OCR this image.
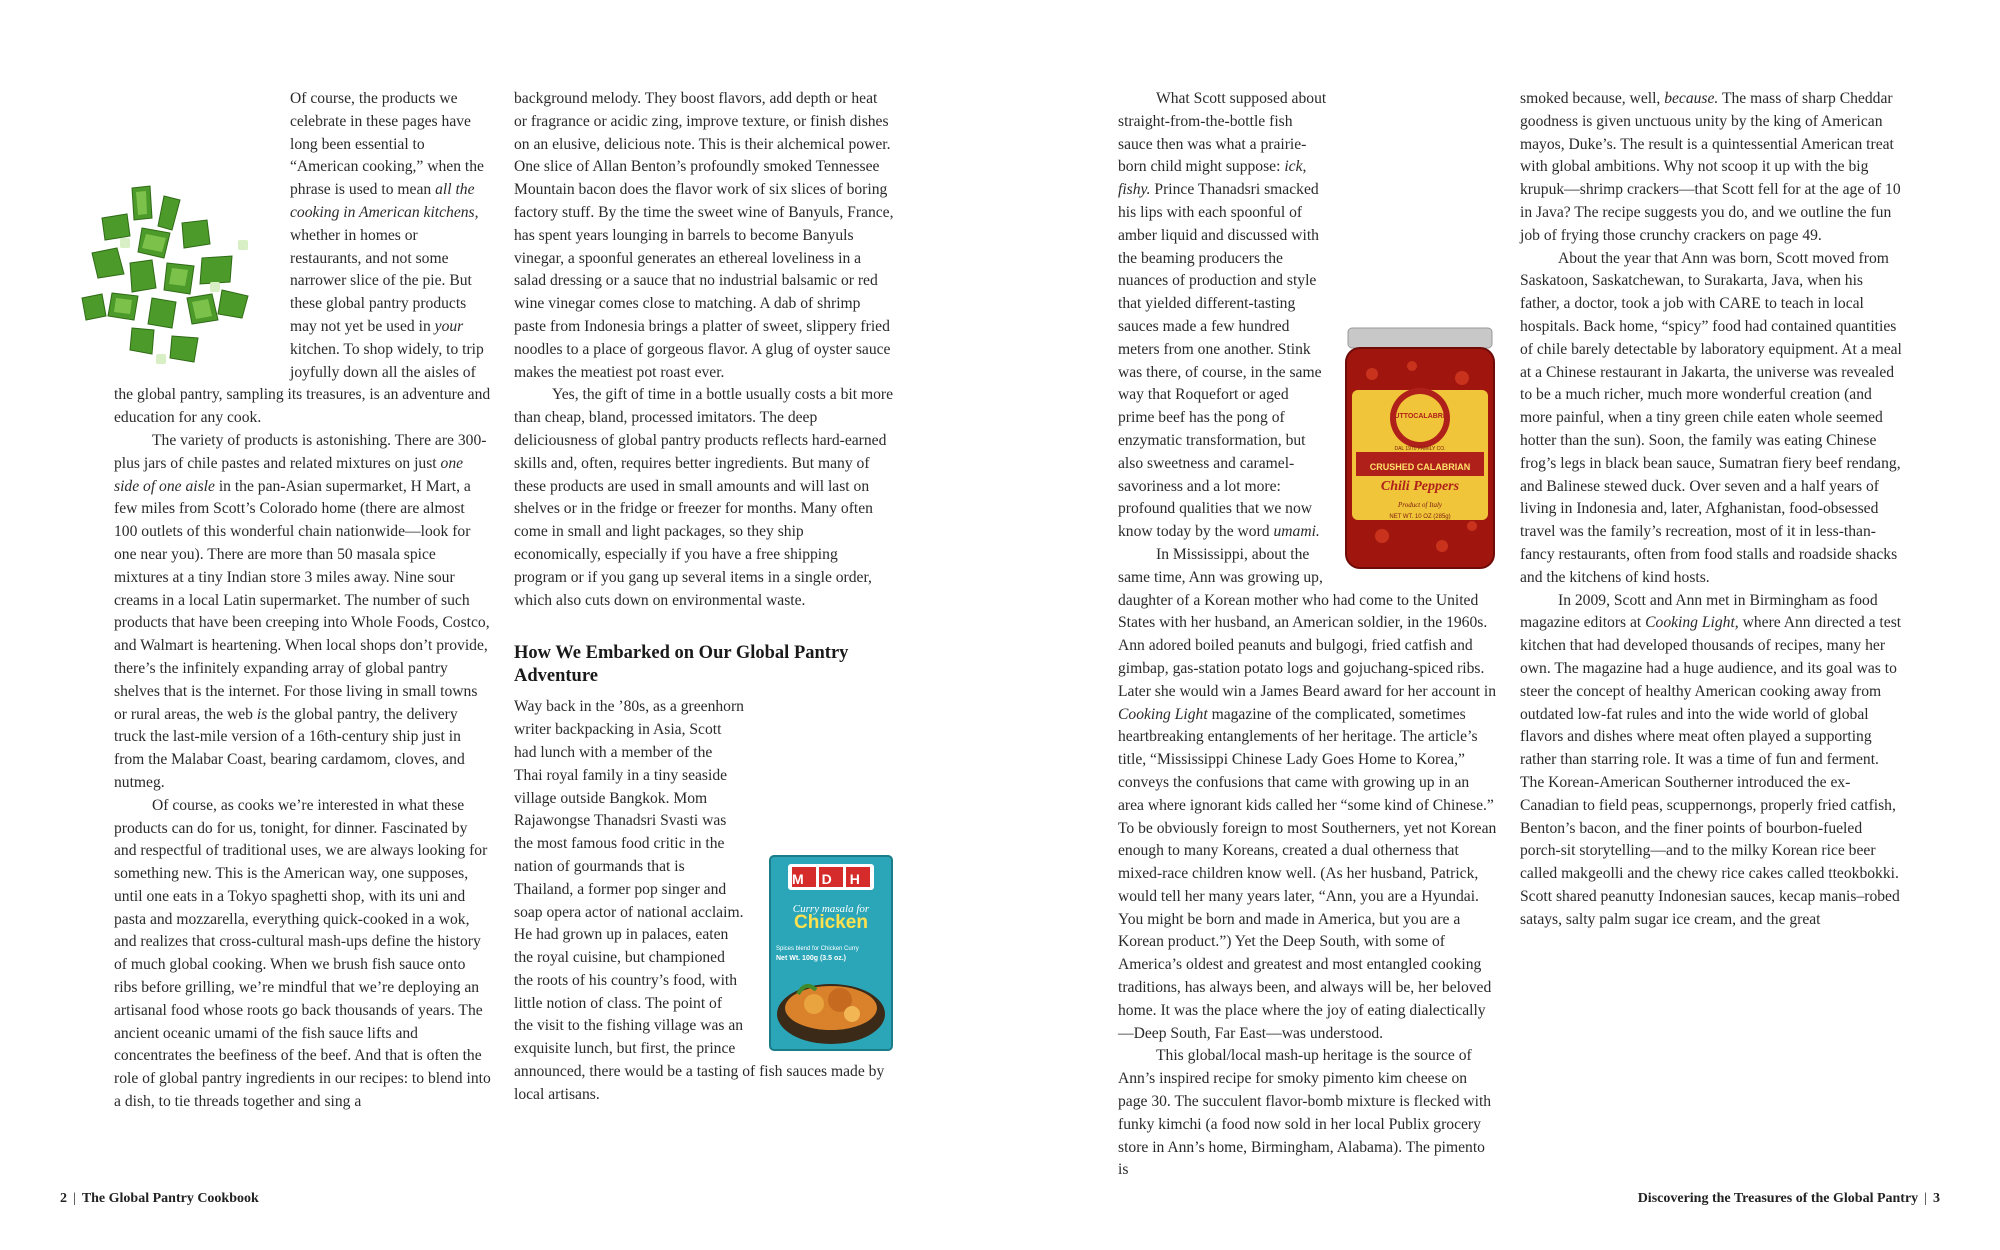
Of course, the products we celebrate in these pages have long been essential to “American cooking,” when the phrase is used to mean all the cooking in American kitchens, whether in homes or restaurants, and not some narrower slice of the pie. But these global pantry products may not yet be used in your kitchen. To shop widely, to trip joyfully down all the aisles of the global pantry, sampling its treasures, is an adventure and education for any cook.

The variety of products is astonishing. There are 300-plus jars of chile pastes and related mixtures on just one side of one aisle in the pan-Asian supermarket, H Mart, a few miles from Scott’s Colorado home (there are almost 100 outlets of this wonderful chain nationwide—look for one near you). There are more than 50 masala spice mixtures at a tiny Indian store 3 miles away. Nine sour creams in a local Latin supermarket. The number of such products that have been creeping into Whole Foods, Costco, and Walmart is heartening. When local shops don’t provide, there’s the infinitely expanding array of global pantry shelves that is the internet. For those living in small towns or rural areas, the web is the global pantry, the delivery truck the last-mile version of a 16th-century ship just in from the Malabar Coast, bearing cardamom, cloves, and nutmeg.

Of course, as cooks we’re interested in what these products can do for us, tonight, for dinner. Fascinated by and respectful of traditional uses, we are always looking for something new. This is the American way, one supposes, until one eats in a Tokyo spaghetti shop, with its uni and pasta and mozzarella, everything quick-cooked in a wok, and realizes that cross-cultural mash-ups define the history of much global cooking. When we brush fish sauce onto ribs before grilling, we’re mindful that we’re deploying an artisanal food whose roots go back thousands of years. The ancient oceanic umami of the fish sauce lifts and concentrates the beefiness of the beef. And that is often the role of global pantry ingredients in our recipes: to blend into a dish, to tie threads together and sing a

background melody. They boost flavors, add depth or heat or fragrance or acidic zing, improve texture, or finish dishes on an elusive, delicious note. This is their alchemical power. One slice of Allan Benton’s profoundly smoked Tennessee Mountain bacon does the flavor work of six slices of boring factory stuff. By the time the sweet wine of Banyuls, France, has spent years lounging in barrels to become Banyuls vinegar, a spoonful generates an ethereal loveliness in a salad dressing or a sauce that no industrial balsamic or red wine vinegar comes close to matching. A dab of shrimp paste from Indonesia brings a platter of sweet, slippery fried noodles to a place of gorgeous flavor. A glug of oyster sauce makes the meatiest pot roast ever.

Yes, the gift of time in a bottle usually costs a bit more than cheap, bland, processed imitators. The deep deliciousness of global pantry products reflects hard-earned skills and, often, requires better ingredients. But many of these products are used in small amounts and will last on shelves or in the fridge or freezer for months. Many often come in small and light packages, so they ship economically, especially if you have a free shipping program or if you gang up several items in a single order, which also cuts down on environmental waste.

How We Embarked on Our Global Pantry Adventure
MDH
Curry masala for
Chicken
Spices blend for Chicken Curry
Net Wt. 100g (3.5 oz.)

Way back in the ’80s, as a greenhorn writer backpacking in Asia, Scott had lunch with a member of the Thai royal family in a tiny seaside village outside Bangkok. Mom Rajawongse Thanadsri Svasti was the most famous food critic in the nation of gourmands that is Thailand, a former pop singer and soap opera actor of national acclaim. He had grown up in palaces, eaten the royal cuisine, but championed the roots of his country’s food, with little notion of class. The point of the visit to the fishing village was an exquisite lunch, but first, the prince announced, there would be a tasting of fish sauces made by local artisans.

TUTTOCALABRIA
DAL 1970 FAMILY CO.
CRUSHED CALABRIAN
Chili Peppers
Product of Italy
NET WT. 10 OZ (285g)

What Scott supposed about straight-from-the-bottle fish sauce then was what a prairie-born child might suppose: ick, fishy. Prince Thanadsri smacked his lips with each spoonful of amber liquid and discussed with the beaming producers the nuances of production and style that yielded different-tasting sauces made a few hundred meters from one another. Stink was there, of course, in the same way that Roquefort or aged prime beef has the pong of enzymatic transformation, but also sweetness and caramel-savoriness and a lot more: profound qualities that we now know today by the word umami.

In Mississippi, about the same time, Ann was growing up, daughter of a Korean mother who had come to the United States with her husband, an American soldier, in the 1960s. Ann adored boiled peanuts and bulgogi, fried catfish and gimbap, gas-station potato logs and gojuchang-spiced ribs. Later she would win a James Beard award for her account in Cooking Light magazine of the complicated, sometimes heartbreaking entanglements of her heritage. The article’s title, “Mississippi Chinese Lady Goes Home to Korea,” conveys the confusions that came with growing up in an area where ignorant kids called her “some kind of Chinese.” To be obviously foreign to most Southerners, yet not Korean enough to many Koreans, created a dual otherness that mixed-race children know well. (As her husband, Patrick, would tell her many years later, “Ann, you are a Hyundai. You might be born and made in America, but you are a Korean product.”) Yet the Deep South, with some of America’s oldest and greatest and most entangled cooking traditions, has always been, and always will be, her beloved home. It was the place where the joy of eating dialectically—Deep South, Far East—was understood.

This global/local mash-up heritage is the source of Ann’s inspired recipe for smoky pimento kim cheese on page 30. The succulent flavor-bomb mixture is flecked with funky kimchi (a food now sold in her local Publix grocery store in Ann’s home, Birmingham, Alabama). The pimento is

smoked because, well, because. The mass of sharp Cheddar goodness is given unctuous unity by the king of American mayos, Duke’s. The result is a quintessential American treat with global ambitions. Why not scoop it up with the big krupuk—shrimp crackers—that Scott fell for at the age of 10 in Java? The recipe suggests you do, and we outline the fun job of frying those crunchy crackers on page 49.

About the year that Ann was born, Scott moved from Saskatoon, Saskatchewan, to Surakarta, Java, when his father, a doctor, took a job with CARE to teach in local hospitals. Back home, “spicy” food had contained quantities of chile barely detectable by laboratory equipment. At a meal at a Chinese restaurant in Jakarta, the universe was revealed to be a much richer, much more wonderful creation (and more painful, when a tiny green chile eaten whole seemed hotter than the sun). Soon, the family was eating Chinese frog’s legs in black bean sauce, Sumatran fiery beef rendang, and Balinese stewed duck. Over seven and a half years of living in Indonesia and, later, Afghanistan, food-obsessed travel was the family’s recreation, most of it in less-than-fancy restaurants, often from food stalls and roadside shacks and the kitchens of kind hosts.

In 2009, Scott and Ann met in Birmingham as food magazine editors at Cooking Light, where Ann directed a test kitchen that had developed thousands of recipes, many her own. The magazine had a huge audience, and its goal was to steer the concept of healthy American cooking away from outdated low-fat rules and into the wide world of global flavors and dishes where meat often played a supporting rather than starring role. It was a time of fun and ferment. The Korean-American Southerner introduced the ex-Canadian to field peas, scuppernongs, properly fried catfish, Benton’s bacon, and the finer points of bourbon-fueled porch-sit storytelling—and to the milky Korean rice beer called makgeolli and the chewy rice cakes called tteokbokki. Scott shared peanutty Indonesian sauces, kecap manis–robed satays, salty palm sugar ice cream, and the great

2 | The Global Pantry Cookbook	Discovering the Treasures of the Global Pantry | 3
